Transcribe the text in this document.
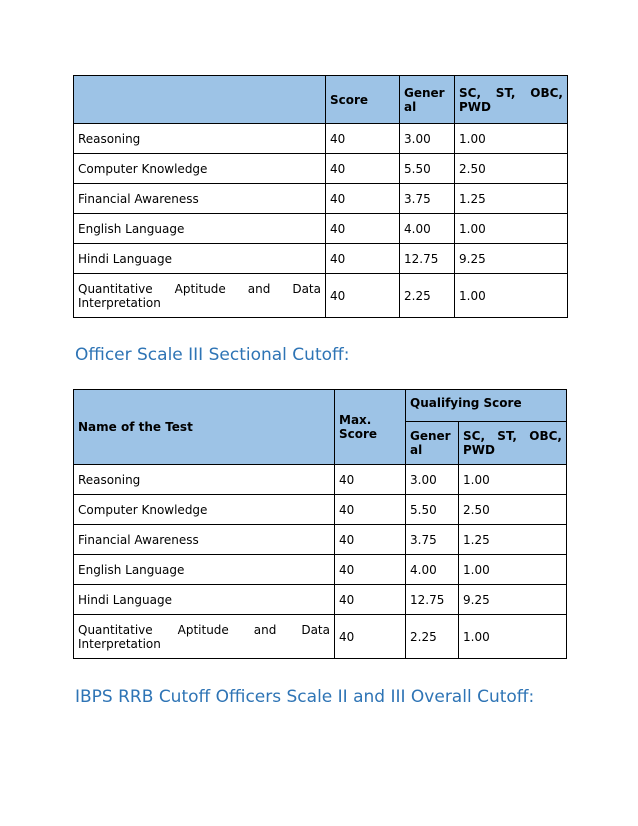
	Score	General	SC, ST, OBC, PWD
Reasoning	40	3.00	1.00
Computer Knowledge	40	5.50	2.50
Financial Awareness	40	3.75	1.25
English Language	40	4.00	1.00
Hindi Language	40	12.75	9.25
Quantitative Aptitude and Data Interpretation	40	2.25	1.00
Officer Scale III Sectional Cutoff:
Name of the Test	Max. Score	Qualifying Score	
		General	SC, ST, OBC, PWD
Reasoning	40	3.00	1.00
Computer Knowledge	40	5.50	2.50
Financial Awareness	40	3.75	1.25
English Language	40	4.00	1.00
Hindi Language	40	12.75	9.25
Quantitative Aptitude and Data Interpretation	40	2.25	1.00
IBPS RRB Cutoff Officers Scale II and III Overall Cutoff:
